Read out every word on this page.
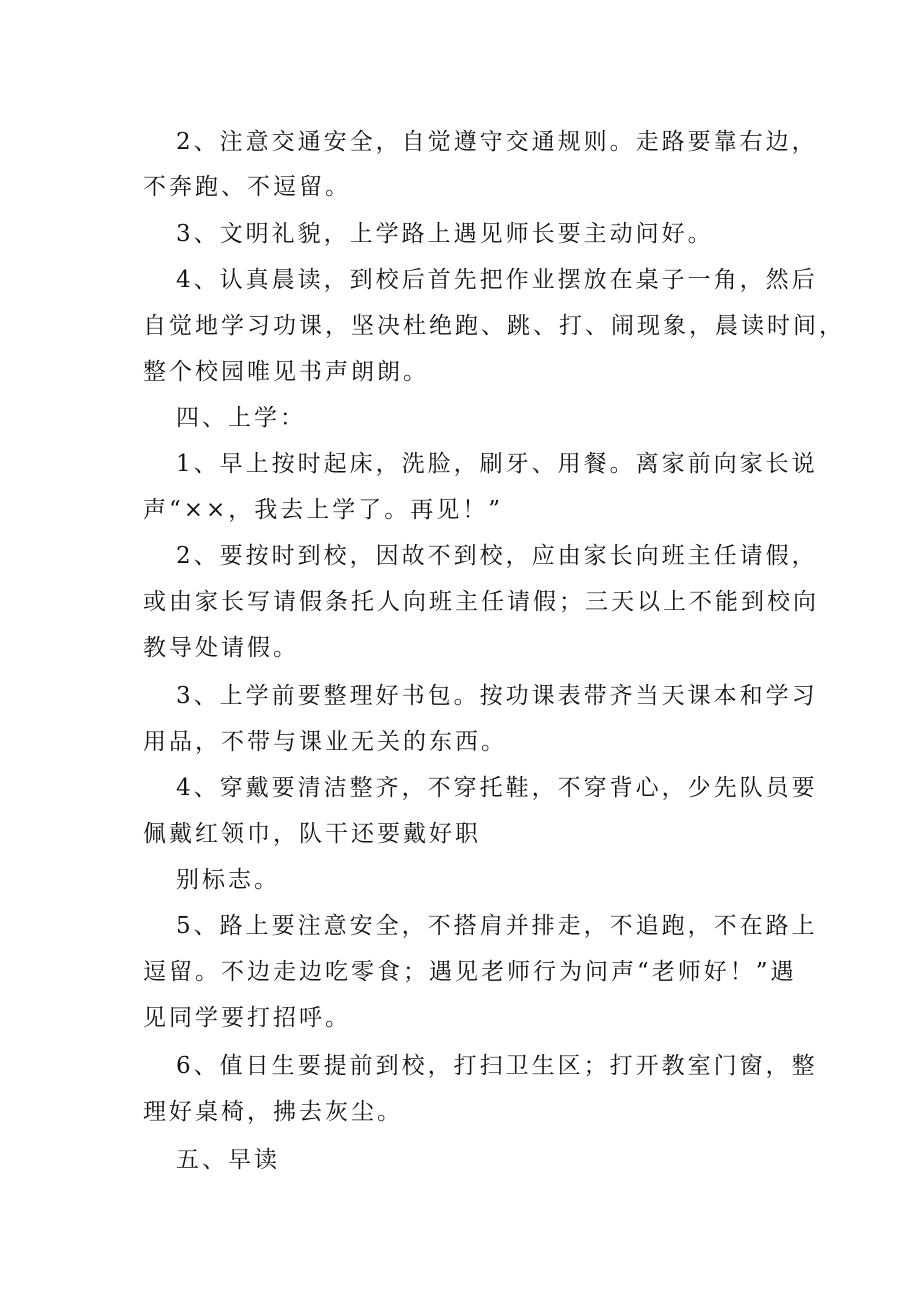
2、注意交通安全，自觉遵守交通规则。走路要靠右边，
不奔跑、不逗留。
3、文明礼貌，上学路上遇见师长要主动问好。
4、认真晨读，到校后首先把作业摆放在桌子一角，然后
自觉地学习功课，坚决杜绝跑、跳、打、闹现象，晨读时间，
整个校园唯见书声朗朗。
四、上学：
1、早上按时起床，洗脸，刷牙、用餐。离家前向家长说
声“××，我去上学了。再见！”
2、要按时到校，因故不到校，应由家长向班主任请假，
或由家长写请假条托人向班主任请假；三天以上不能到校向
教导处请假。
3、上学前要整理好书包。按功课表带齐当天课本和学习
用品，不带与课业无关的东西。
4、穿戴要清洁整齐，不穿托鞋，不穿背心，少先队员要
佩戴红领巾，队干还要戴好职
别标志。
5、路上要注意安全，不搭肩并排走，不追跑，不在路上
逗留。不边走边吃零食；遇见老师行为问声“老师好！”遇
见同学要打招呼。
6、值日生要提前到校，打扫卫生区；打开教室门窗，整
理好桌椅，拂去灰尘。
五、早读
